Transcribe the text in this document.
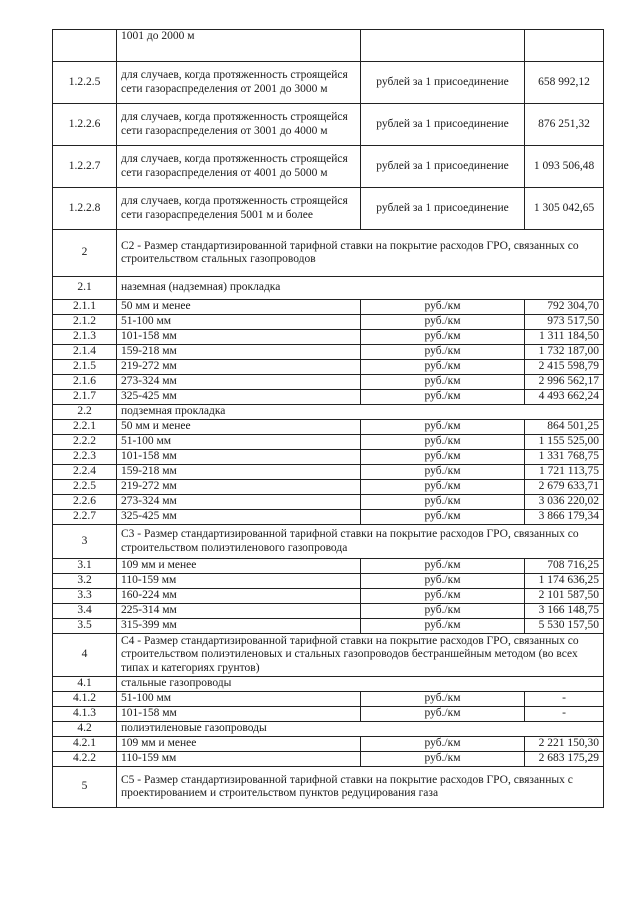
	1001 до 2000 м		
1.2.2.5	для случаев, когда протяженность строящейся сети газораспределения от 2001 до 3000 м	рублей за 1 присоединение	658 992,12
1.2.2.6	для случаев, когда протяженность строящейся сети газораспределения от 3001 до 4000 м	рублей за 1 присоединение	876 251,32
1.2.2.7	для случаев, когда протяженность строящейся сети газораспределения от 4001 до 5000 м	рублей за 1 присоединение	1 093 506,48
1.2.2.8	для случаев, когда протяженность строящейся сети газораспределения 5001 м и более	рублей за 1 присоединение	1 305 042,65
2	С2 - Размер стандартизированной тарифной ставки на покрытие расходов ГРО, связанных со строительством стальных газопроводов		
2.1	наземная (надземная) прокладка		
2.1.1	50 мм и менее	руб./км	792 304,70
2.1.2	51-100 мм	руб./км	973 517,50
2.1.3	101-158 мм	руб./км	1 311 184,50
2.1.4	159-218 мм	руб./км	1 732 187,00
2.1.5	219-272 мм	руб./км	2 415 598,79
2.1.6	273-324 мм	руб./км	2 996 562,17
2.1.7	325-425 мм	руб./км	4 493 662,24
2.2	подземная прокладка		
2.2.1	50 мм и менее	руб./км	864 501,25
2.2.2	51-100 мм	руб./км	1 155 525,00
2.2.3	101-158 мм	руб./км	1 331 768,75
2.2.4	159-218 мм	руб./км	1 721 113,75
2.2.5	219-272 мм	руб./км	2 679 633,71
2.2.6	273-324 мм	руб./км	3 036 220,02
2.2.7	325-425 мм	руб./км	3 866 179,34
3	С3 - Размер стандартизированной тарифной ставки на покрытие расходов ГРО, связанных со строительством полиэтиленового газопровода		
3.1	109 мм и менее	руб./км	708 716,25
3.2	110-159 мм	руб./км	1 174 636,25
3.3	160-224 мм	руб./км	2 101 587,50
3.4	225-314 мм	руб./км	3 166 148,75
3.5	315-399 мм	руб./км	5 530 157,50
4	С4 - Размер стандартизированной тарифной ставки на покрытие расходов ГРО, связанных со строительством полиэтиленовых и стальных газопроводов бестраншейным методом (во всех типах и категориях грунтов)		
4.1	стальные газопроводы		
4.1.2	51-100 мм	руб./км	-
4.1.3	101-158 мм	руб./км	-
4.2	полиэтиленовые газопроводы		
4.2.1	109 мм и менее	руб./км	2 221 150,30
4.2.2	110-159 мм	руб./км	2 683 175,29
5	С5 - Размер стандартизированной тарифной ставки на покрытие расходов ГРО, связанных с проектированием и строительством пунктов редуцирования газа		
